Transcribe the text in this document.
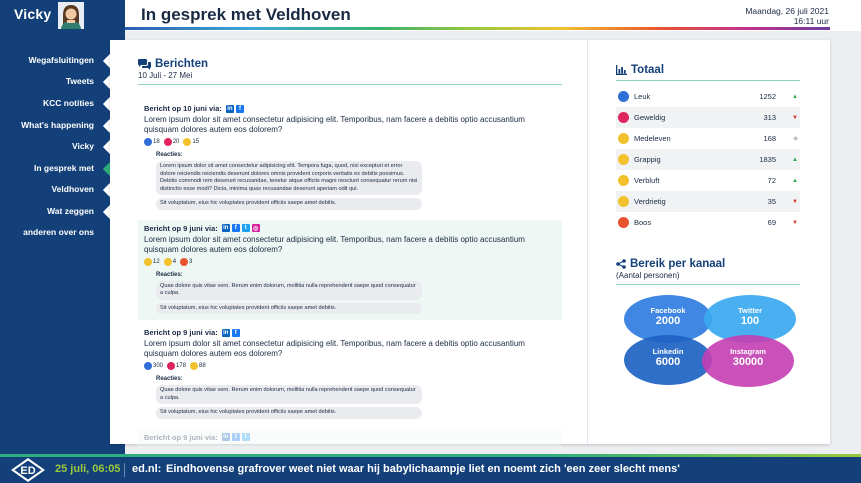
Vicky	In gesprek met Veldhoven	Maandag, 26 juli 2021
16:11 uur
Wegafsluitingen
Tweets
KCC notities
What's happening
Vicky
In gesprek met
Veldhoven
Wat zeggen
anderen over ons
Berichten
10 Juli - 27 Mei
Bericht op 10 juni via: in	f
Lorem ipsum dolor sit amet consectetur adipisicing elit. Temporibus, nam facere a debitis optio accusantium quisquam dolores autem eos dolorem?
18 20 15
Reacties:
Lorem ipsum dolor sit amet consectetur adipisicing elit. Tempora fuga, quod, nisi excepturi et error dolore reiciendis reiciendis deserunt dolores omnis provident corporis veritatis ex debitis possimus. Debitis commodi rem deserunt recusandae, tenetur atque officiis magni nesciunt consequatur rerum nisi distinctio esse modi? Dicta, minima quas recusandae deserunt aperiam odit qui.
Sit voluptatum, eius hic voluptates provident officiis saepe amet debitis.
Bericht op 9 juni via: in	f	t	◎
Lorem ipsum dolor sit amet consectetur adipisicing elit. Temporibus, nam facere a debitis optio accusantium quisquam dolores autem eos dolorem?
12 4 3
Reacties:
Quae dolore quis vitae vero. Rerum enim dolorum, mollitia nulla reprehenderit saepe quod consequatur a culpa.
Sit voluptatum, eius hic voluptates provident officiis saepe amet debitis.
Bericht op 9 juni via: in	f
Lorem ipsum dolor sit amet consectetur adipisicing elit. Temporibus, nam facere a debitis optio accusantium quisquam dolores autem eos dolorem?
300 178 88
Reacties:
Quae dolore quis vitae vero. Rerum enim dolorum, mollitia nulla reprehenderit saepe quod consequatur a culpa.
Sit voluptatum, eius hic voluptates provident officiis saepe amet debitis.
Bericht op 9 juni via: in	f	t
Totaal
Leuk	1252	▲
Geweldig	313	▼
Medeleven	168	◆
Grappig	1835	▲
Verbluft	72	▲
Verdrietig	35	▼
Boos	69	▼
Bereik per kanaal
(Aantal personen)
Facebook
2000
Twitter
100
Linkedin
6000
Instagram
30000
ED 25 juli, 06:05 ed.nl: Eindhovense grafrover weet niet waar hij babylichaampje liet en noemt zich 'een zeer slecht mens'
